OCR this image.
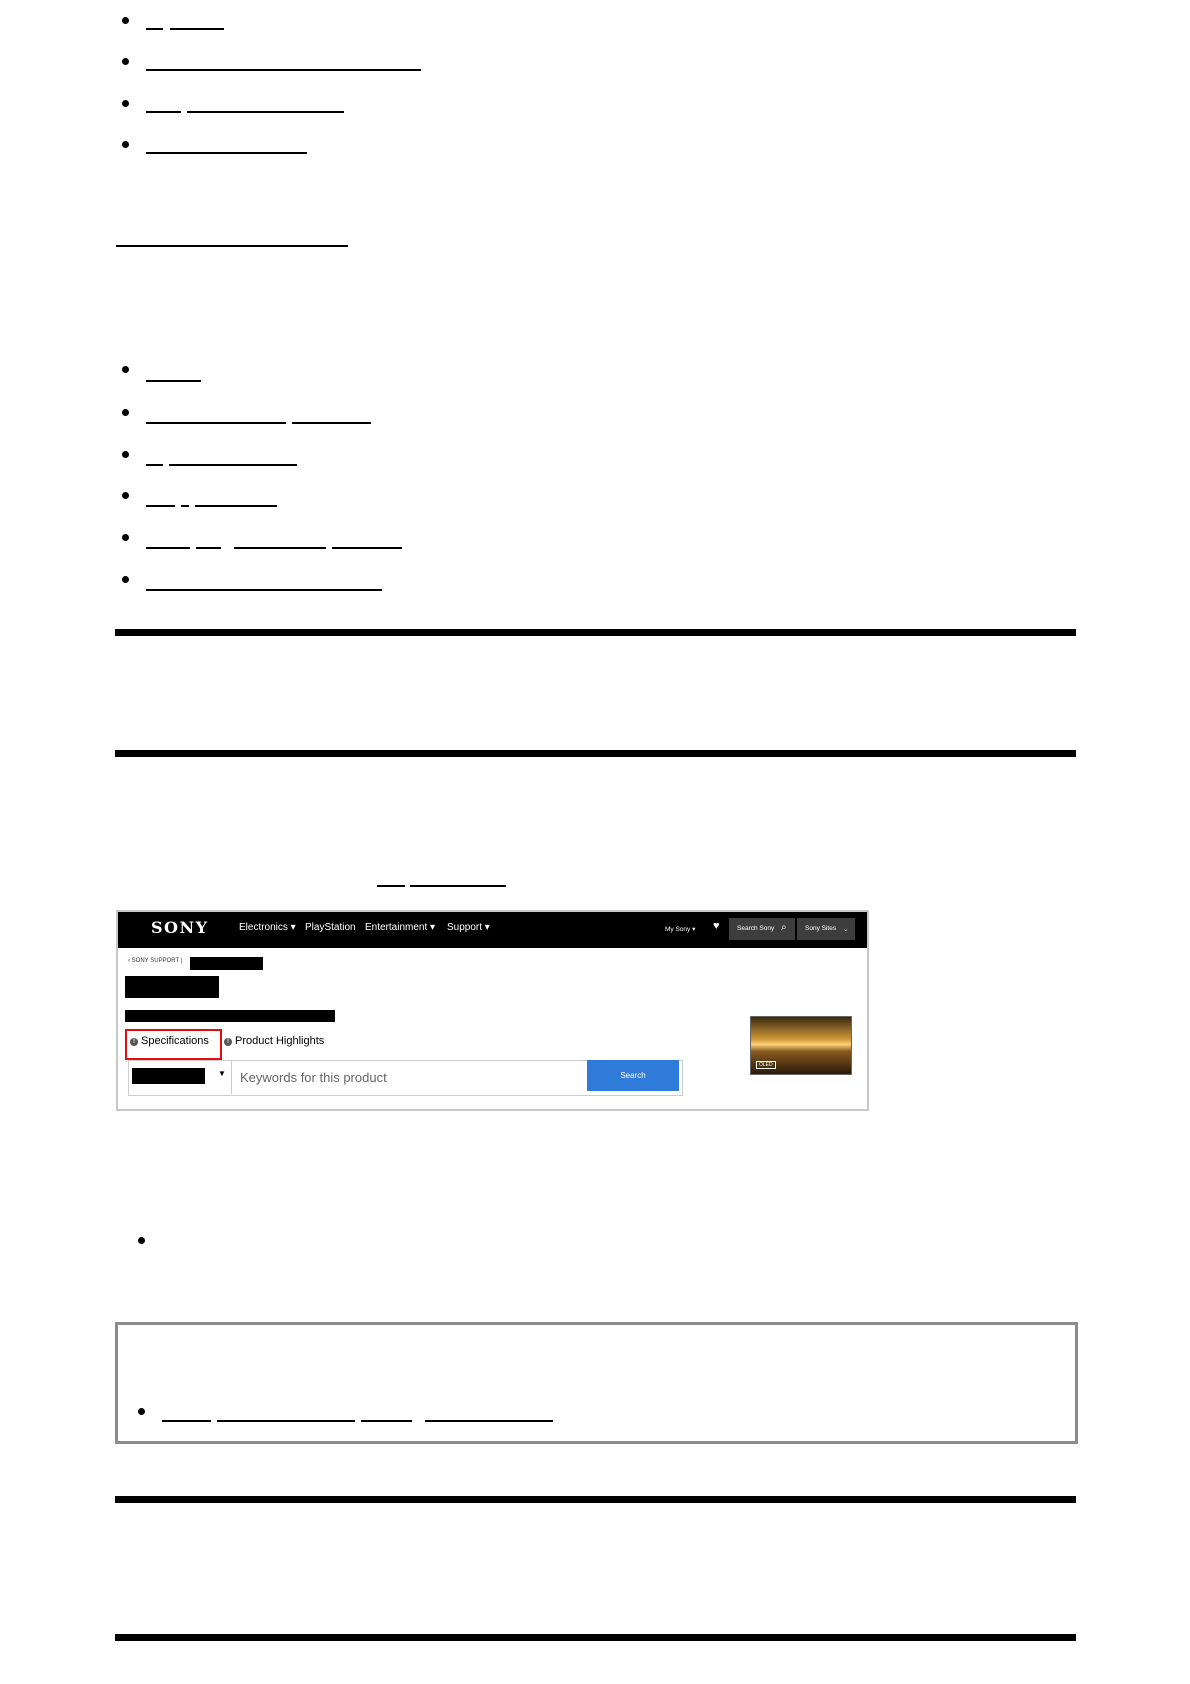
SONY	Electronics ▾ PlayStation Entertainment ▾ Support ▾	My Sony ▾ ♥	Search Sony ⌕	Sony Sites ⌄
‹ SONY SUPPORT |
! Specifications	! Product Highlights
▼ Keywords for this product	Search
OLED
